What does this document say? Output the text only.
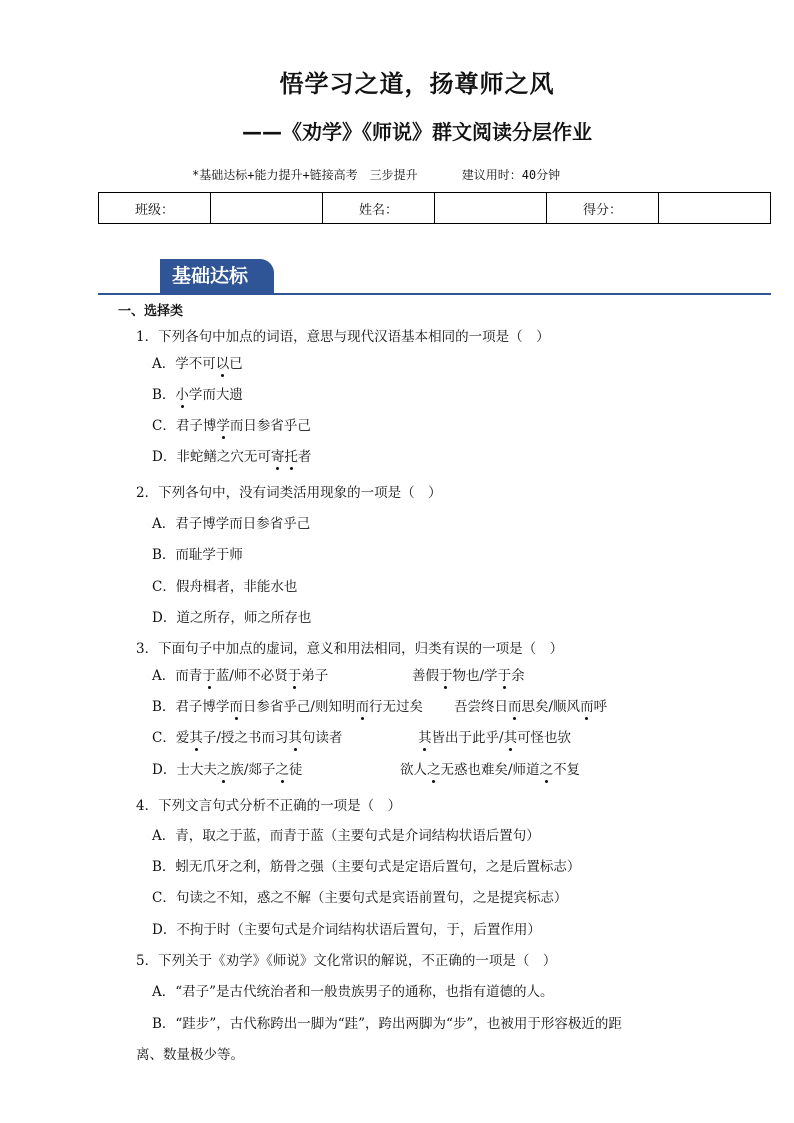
悟学习之道，扬尊师之风
——《劝学》《师说》群文阅读分层作业
*基础达标+能力提升+链接高考　三步提升	建议用时：40分钟
班级：		姓名：		得分：	
基础达标
一、选择类
1．下列各句中加点的词语，意思与现代汉语基本相同的一项是（　）
A．学不可以已
B．小学而大遗
C．君子博学而日参省乎己
D．非蛇鳝之穴无可寄托者
2．下列各句中，没有词类活用现象的一项是（　）
A．君子博学而日参省乎己
B．而耻学于师
C．假舟楫者，非能水也
D．道之所存，师之所存也
3．下面句子中加点的虚词，意义和用法相同，归类有误的一项是（　）
A．而青于蓝/师不必贤于弟子	善假于物也/学于余
B．君子博学而日参省乎己/则知明而行无过矣 吾尝终日而思矣/顺风而呼
C．爱其子/授之书而习其句读者	其皆出于此乎/其可怪也欤
D．士大夫之族/郯子之徒	欲人之无惑也难矣/师道之不复
4．下列文言句式分析不正确的一项是（　）
A．青，取之于蓝，而青于蓝（主要句式是介词结构状语后置句）
B．蚓无爪牙之利，筋骨之强（主要句式是定语后置句，之是后置标志）
C．句读之不知，惑之不解（主要句式是宾语前置句，之是提宾标志）
D．不拘于时（主要句式是介词结构状语后置句，于，后置作用）
5．下列关于《劝学》《师说》文化常识的解说，不正确的一项是（　）
A．“君子”是古代统治者和一般贵族男子的通称，也指有道德的人。
B．“跬步”，古代称跨出一脚为“跬”，跨出两脚为“步”，也被用于形容极近的距
离、数量极少等。
